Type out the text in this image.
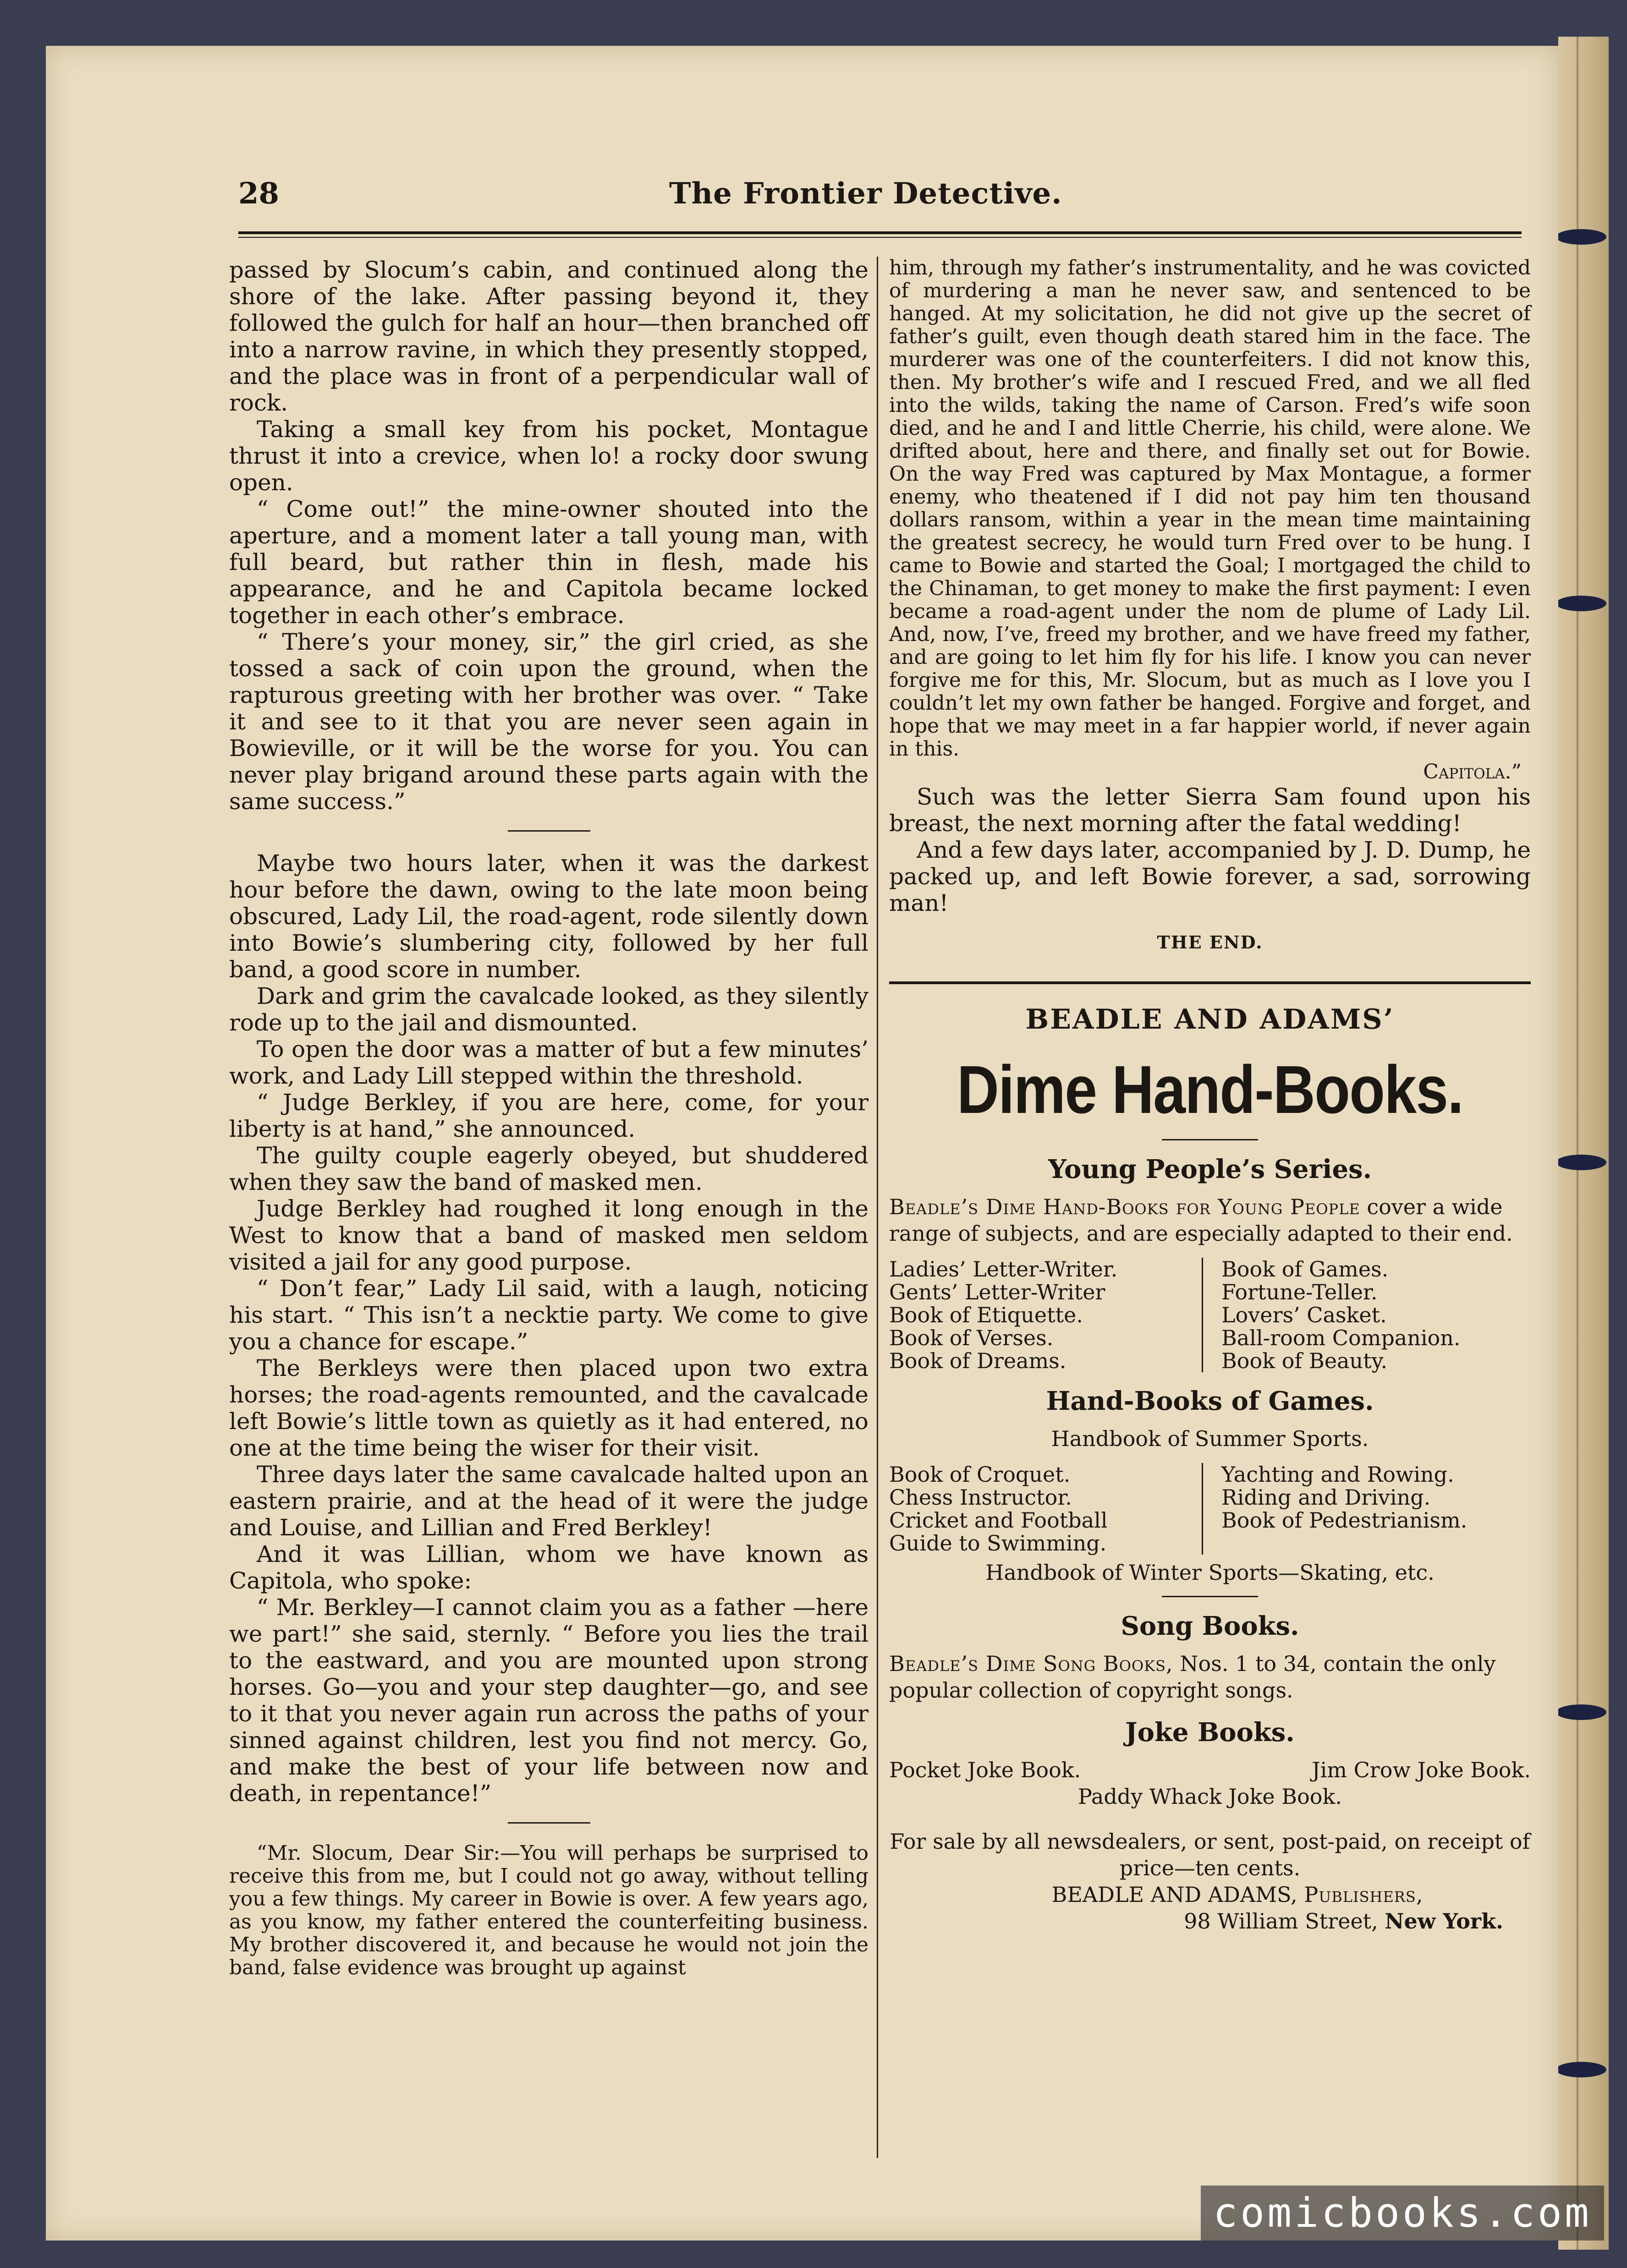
28	The Frontier Detective.

passed by Slocum’s cabin, and continued along the shore of the lake. After passing beyond it, they followed the gulch for half an hour—then branched off into a narrow ravine, in which they presently stopped, and the place was in front of a perpendicular wall of rock.

Taking a small key from his pocket, Montague thrust it into a crevice, when lo! a rocky door swung open.

“ Come out!” the mine-owner shouted into the aperture, and a moment later a tall young man, with full beard, but rather thin in flesh, made his appearance, and he and Capitola became locked together in each other’s embrace.

“ There’s your money, sir,” the girl cried, as she tossed a sack of coin upon the ground, when the rapturous greeting with her brother was over. “ Take it and see to it that you are never seen again in Bowieville, or it will be the worse for you. You can never play brigand around these parts again with the same success.”

Maybe two hours later, when it was the darkest hour before the dawn, owing to the late moon being obscured, Lady Lil, the road-agent, rode silently down into Bowie’s slumbering city, followed by her full band, a good score in number.

Dark and grim the cavalcade looked, as they silently rode up to the jail and dismounted.

To open the door was a matter of but a few minutes’ work, and Lady Lill stepped within the threshold.

“ Judge Berkley, if you are here, come, for your liberty is at hand,” she announced.

The guilty couple eagerly obeyed, but shuddered when they saw the band of masked men.

Judge Berkley had roughed it long enough in the West to know that a band of masked men seldom visited a jail for any good purpose.

“ Don’t fear,” Lady Lil said, with a laugh, noticing his start. “ This isn’t a necktie party. We come to give you a chance for escape.”

The Berkleys were then placed upon two extra horses; the road-agents remounted, and the cavalcade left Bowie’s little town as quietly as it had entered, no one at the time being the wiser for their visit.

Three days later the same cavalcade halted upon an eastern prairie, and at the head of it were the judge and Louise, and Lillian and Fred Berkley!

And it was Lillian, whom we have known as Capitola, who spoke:

“ Mr. Berkley—I cannot claim you as a father —here we part!” she said, sternly. “ Before you lies the trail to the eastward, and you are mounted upon strong horses. Go—you and your step daughter—go, and see to it that you never again run across the paths of your sinned against children, lest you find not mercy. Go, and make the best of your life between now and death, in repentance!”

“Mr. Slocum, Dear Sir:—You will perhaps be surprised to receive this from me, but I could not go away, without telling you a few things. My career in Bowie is over. A few years ago, as you know, my father entered the counterfeiting business. My brother discovered it, and because he would not join the band, false evidence was brought up against

him, through my father’s instrumentality, and he was covicted of murdering a man he never saw, and sentenced to be hanged. At my solicitation, he did not give up the secret of father’s guilt, even though death stared him in the face. The murderer was one of the counterfeiters. I did not know this, then. My brother’s wife and I rescued Fred, and we all fled into the wilds, taking the name of Carson. Fred’s wife soon died, and he and I and little Cherrie, his child, were alone. We drifted about, here and there, and finally set out for Bowie. On the way Fred was captured by Max Montague, a former enemy, who theatened if I did not pay him ten thousand dollars ransom, within a year in the mean time maintaining the greatest secrecy, he would turn Fred over to be hung. I came to Bowie and started the Goal; I mortgaged the child to the Chinaman, to get money to make the first payment: I even became a road-agent under the nom de plume of Lady Lil. And, now, I’ve, freed my brother, and we have freed my father, and are going to let him fly for his life. I know you can never forgive me for this, Mr. Slocum, but as much as I love you I couldn’t let my own father be hanged. Forgive and forget, and hope that we may meet in a far happier world, if never again in this.

Capitola.”

Such was the letter Sierra Sam found upon his breast, the next morning after the fatal wedding!

And a few days later, accompanied by J. D. Dump, he packed up, and left Bowie forever, a sad, sorrowing man!

THE END.
BEADLE AND ADAMS’
Dime Hand-Books.
Young People’s Series.
Beadle’s Dime Hand-Books for Young People cover a wide range of subjects, and are especially adapted to their end.
Ladies’ Letter-Writer.
Gents’ Letter-Writer
Book of Etiquette.
Book of Verses.
Book of Dreams.
Book of Games.
Fortune-Teller.
Lovers’ Casket.
Ball-room Companion.
Book of Beauty.
Hand-Books of Games.
Handbook of Summer Sports.
Book of Croquet.
Chess Instructor.
Cricket and Football
Guide to Swimming.
Yachting and Rowing.
Riding and Driving.
Book of Pedestrianism.
Handbook of Winter Sports—Skating, etc.
Song Books.
Beadle’s Dime Song Books, Nos. 1 to 34, contain the only popular collection of copyright songs.
Joke Books.
Pocket Joke Book.	Jim Crow Joke Book.
Paddy Whack Joke Book.
For sale by all newsdealers, or sent, post-paid, on receipt of price—ten cents.
BEADLE AND ADAMS, Publishers,
98 William Street, New York.
comicbooks.com
